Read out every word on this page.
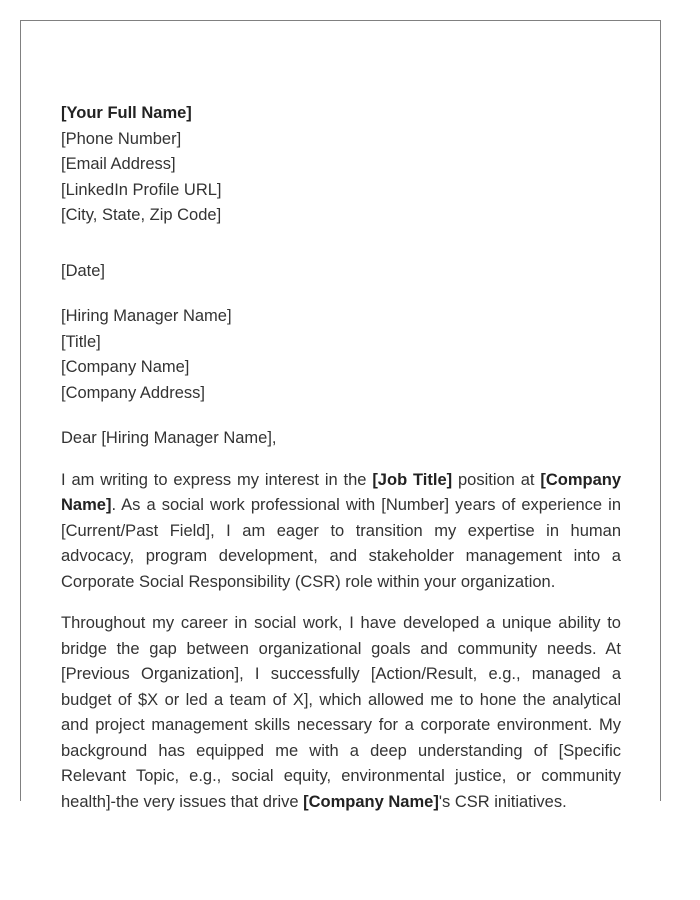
[Your Full Name]
[Phone Number]
[Email Address]
[LinkedIn Profile URL]
[City, State, Zip Code]
[Date]
[Hiring Manager Name]
[Title]
[Company Name]
[Company Address]
Dear [Hiring Manager Name],

I am writing to express my interest in the [Job Title] position at [Company Name]. As a social work professional with [Number] years of experience in [Current/Past Field], I am eager to transition my expertise in human advocacy, program development, and stakeholder management into a Corporate Social Responsibility (CSR) role within your organization.

Throughout my career in social work, I have developed a unique ability to bridge the gap between organizational goals and community needs. At [Previous Organization], I successfully [Action/Result, e.g., managed a budget of $X or led a team of X], which allowed me to hone the analytical and project management skills necessary for a corporate environment. My background has equipped me with a deep understanding of [Specific Relevant Topic, e.g., social equity, environmental justice, or community health]-the very issues that drive [Company Name]'s CSR initiatives.
